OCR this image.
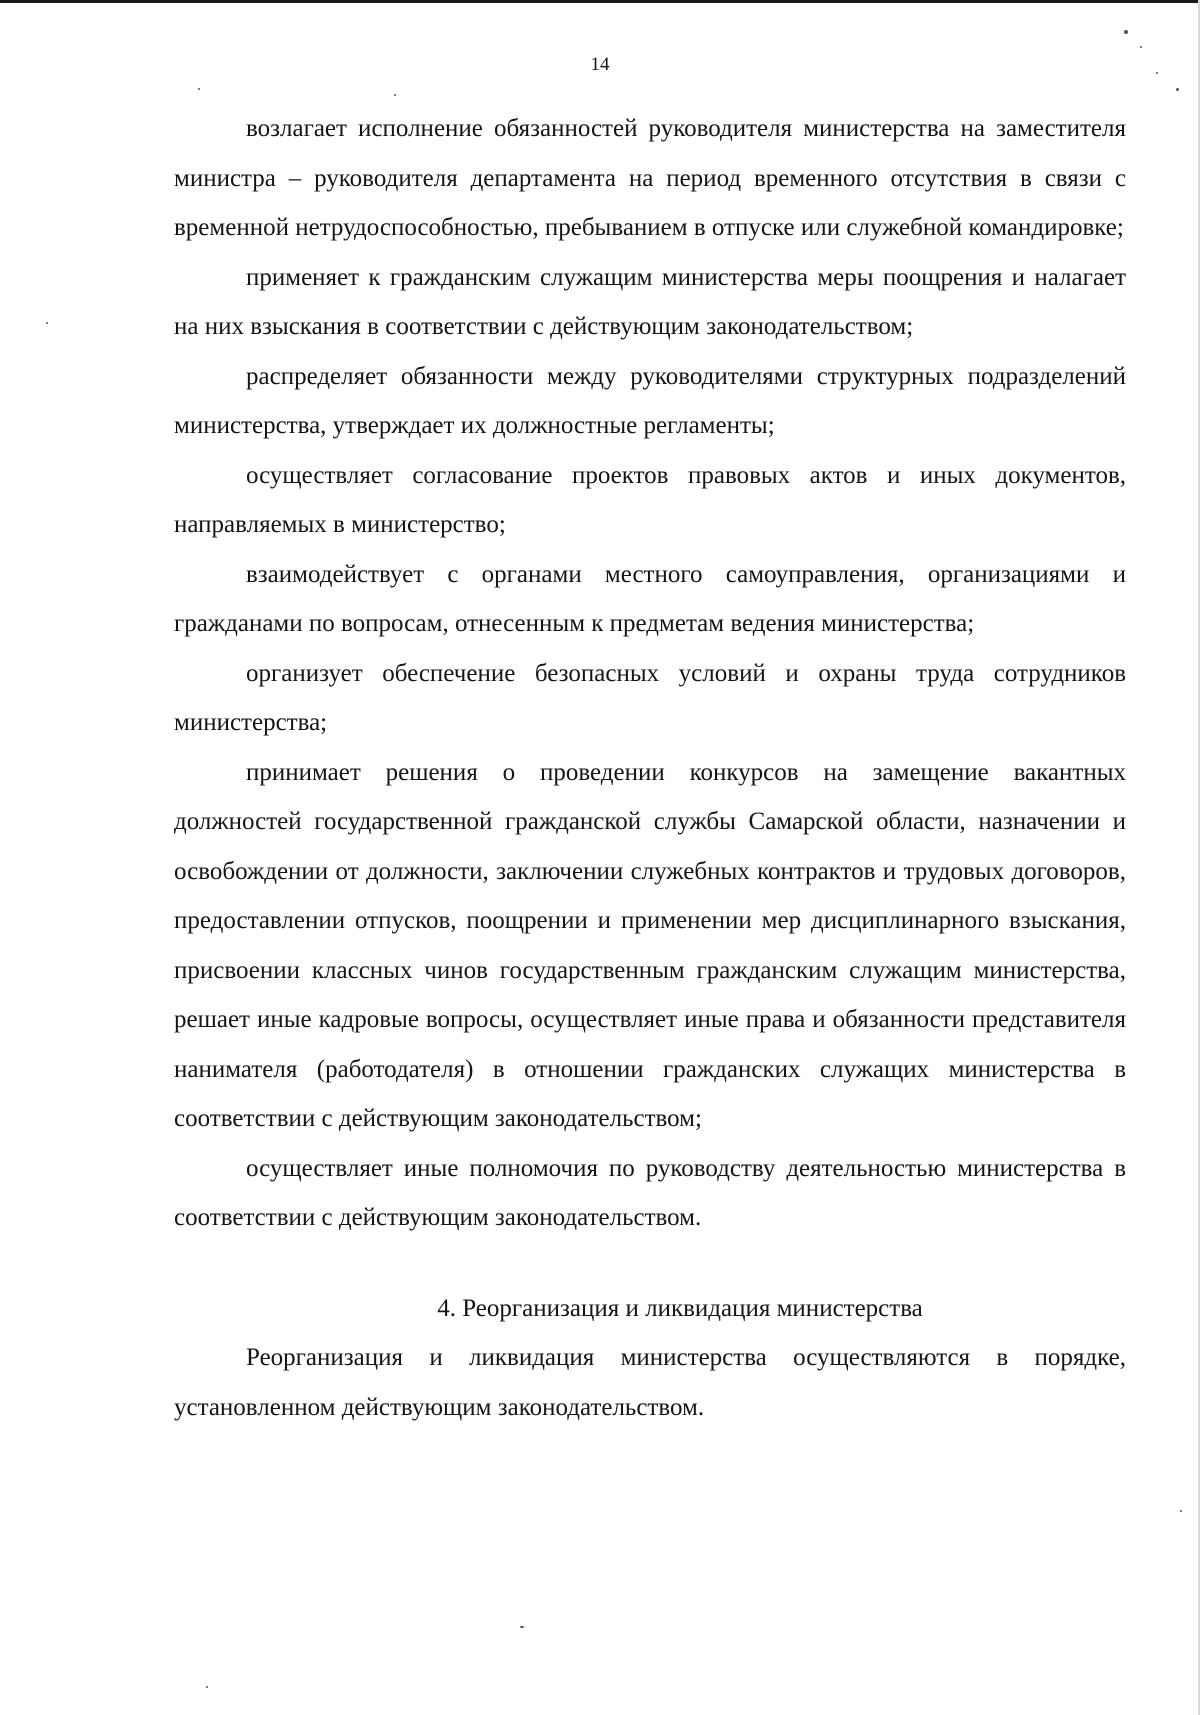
14

возлагает исполнение обязанностей руководителя министерства на заместителя министра – руководителя департамента на период временного отсутствия в связи с временной нетрудоспособностью, пребыванием в отпуске или служебной командировке;

применяет к гражданским служащим министерства меры поощрения и налагает на них взыскания в соответствии с действующим законодательством;

распределяет обязанности между руководителями структурных подразделений министерства, утверждает их должностные регламенты;

осуществляет согласование проектов правовых актов и иных документов, направляемых в министерство;

взаимодействует с органами местного самоуправления, организациями и гражданами по вопросам, отнесенным к предметам ведения министерства;

организует обеспечение безопасных условий и охраны труда сотрудников министерства;

принимает решения о проведении конкурсов на замещение вакантных должностей государственной гражданской службы Самарской области, назначении и освобождении от должности, заключении служебных контрактов и трудовых договоров, предоставлении отпусков, поощрении и применении мер дисциплинарного взыскания, присвоении классных чинов государственным гражданским служащим министерства, решает иные кадровые вопросы, осуществляет иные права и обязанности представителя нанимателя (работодателя) в отношении гражданских служащих министерства в соответствии с действующим законодательством;

осуществляет иные полномочия по руководству деятельностью министерства в соответствии с действующим законодательством.

4. Реорганизация и ликвидация министерства

Реорганизация и ликвидация министерства осуществляются в порядке, установленном действующим законодательством.
